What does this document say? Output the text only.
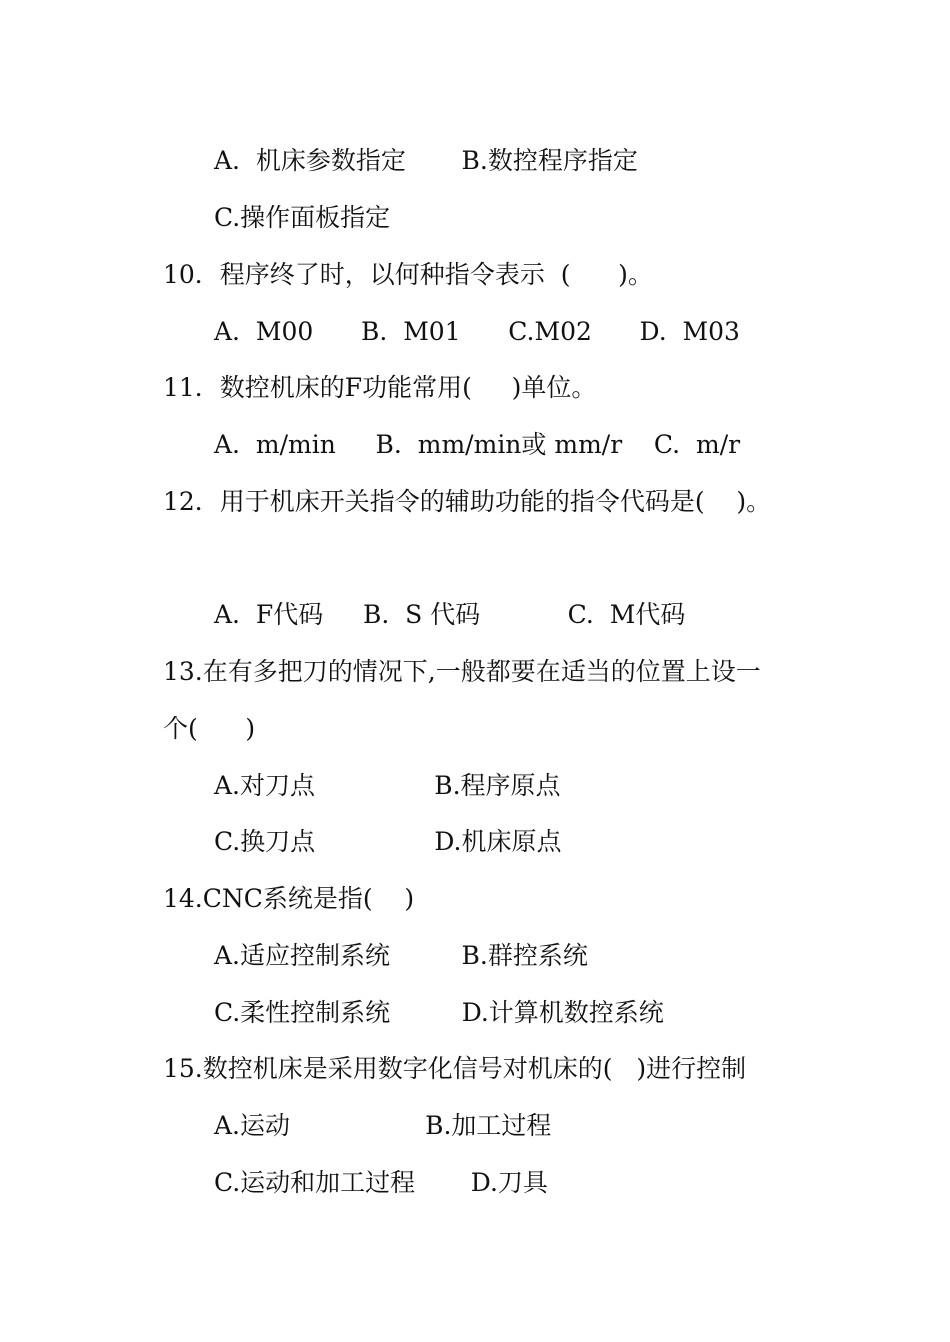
A.  机床参数指定       B.数控程序指定
C.操作面板指定
10．程序终了时，以何种指令表示  (      )。
A.  M00      B.  M01      C.M02      D.  M03
11．数控机床的F功能常用(     )单位。
A.  m/min     B.  mm/min或 mm/r    C.  m/r
12．用于机床开关指令的辅助功能的指令代码是(    )。
A.  F代码     B.  S 代码           C.  M代码
13.在有多把刀的情况下,一般都要在适当的位置上设一
个(      )
A.对刀点               B.程序原点
C.换刀点               D.机床原点
14.CNC系统是指(    )
A.适应控制系统         B.群控系统
C.柔性控制系统         D.计算机数控系统
15.数控机床是采用数字化信号对机床的(   )进行控制
A.运动                 B.加工过程
C.运动和加工过程       D.刀具
